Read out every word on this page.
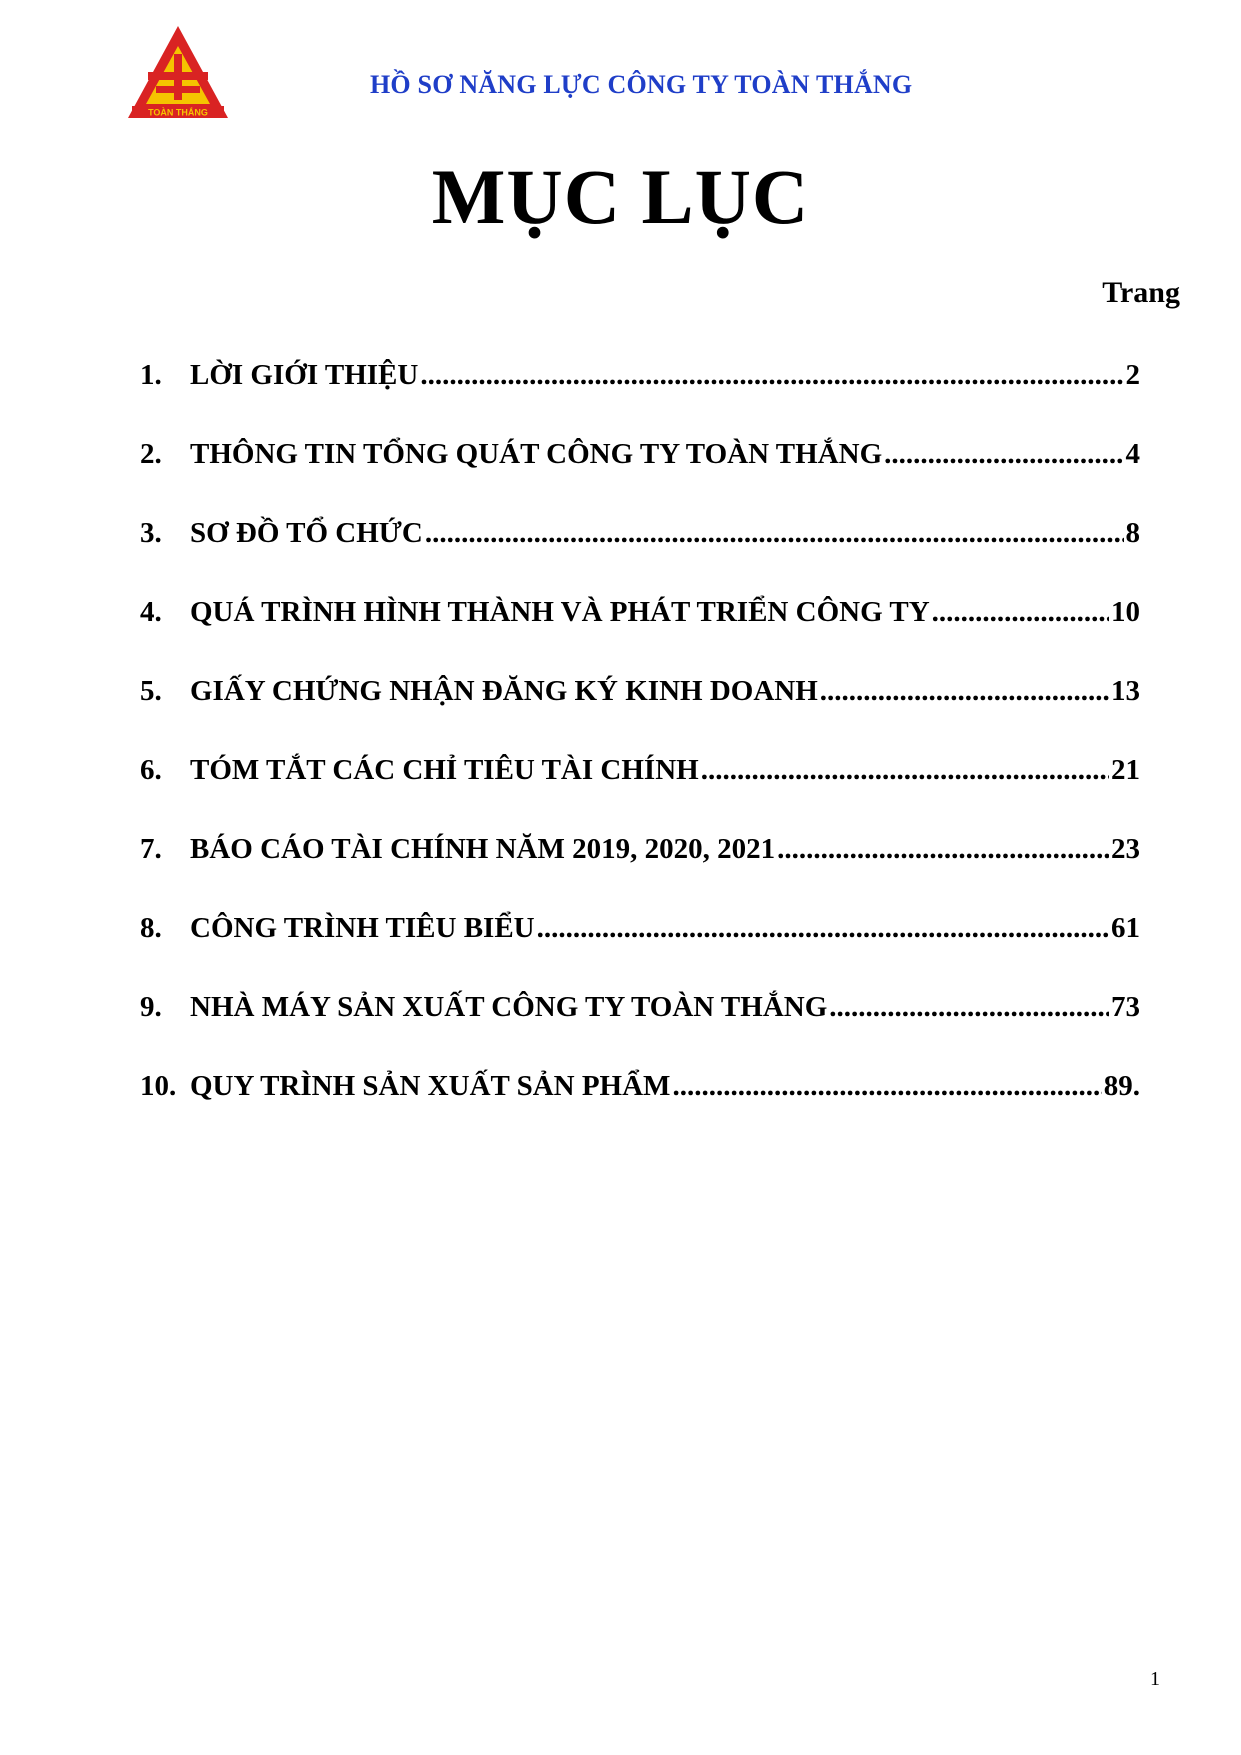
TOÀN THẮNG
HỒ SƠ NĂNG LỰC CÔNG TY TOÀN THẮNG
MỤC LỤC
Trang
1. LỜI GIỚI THIỆU .....	2
2. THÔNG TIN TỔNG QUÁT CÔNG TY TOÀN THẮNG .....	4
3. SƠ ĐỒ TỔ CHỨC .....	8
4. QUÁ TRÌNH HÌNH THÀNH VÀ PHÁT TRIỂN CÔNG TY .....	10
5. GIẤY CHỨNG NHẬN ĐĂNG KÝ KINH DOANH .....	13
6. TÓM TẮT CÁC CHỈ TIÊU TÀI CHÍNH .....	21
7. BÁO CÁO TÀI CHÍNH NĂM 2019, 2020, 2021 .....	23
8. CÔNG TRÌNH TIÊU BIỂU .....	61
9. NHÀ MÁY SẢN XUẤT CÔNG TY TOÀN THẮNG .....	73
10. QUY TRÌNH SẢN XUẤT SẢN PHẨM .....	89.
1
